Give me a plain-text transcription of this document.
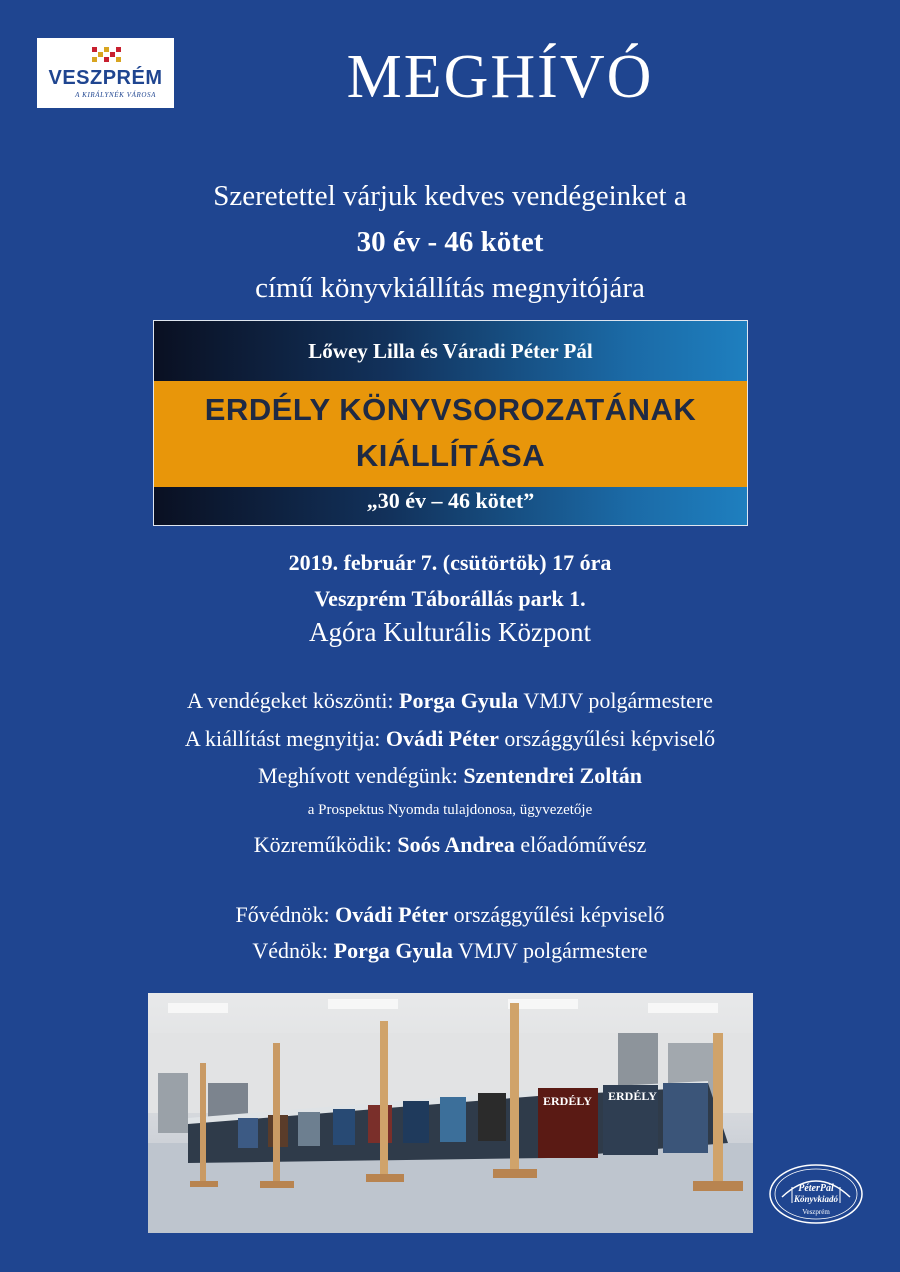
VESZPRÉM
A KIRÁLYNÉK VÁROSA	MEGHÍVÓ
Szeretettel várjuk kedves vendégeinket a
30 év - 46 kötet
című könyvkiállítás megnyitójára
Lőwey Lilla és Váradi Péter Pál
ERDÉLY KÖNYVSOROZATÁNAK
KIÁLLÍTÁSA
„30 év – 46 kötet”
2019. február 7. (csütörtök) 17 óra
Veszprém Táborállás park 1.
Agóra Kulturális Központ
A vendégeket köszönti: Porga Gyula VMJV polgármestere
A kiállítást megnyitja: Ovádi Péter országgyűlési képviselő
Meghívott vendégünk: Szentendrei Zoltán
a Prospektus Nyomda tulajdonosa, ügyvezetője
Közreműködik: Soós Andrea előadóművész
Fővédnök: Ovádi Péter országgyűlési képviselő
Védnök: Porga Gyula VMJV polgármestere
ERDÉLY ERDÉLY
PéterPál
Könyvkiadó
Veszprém
